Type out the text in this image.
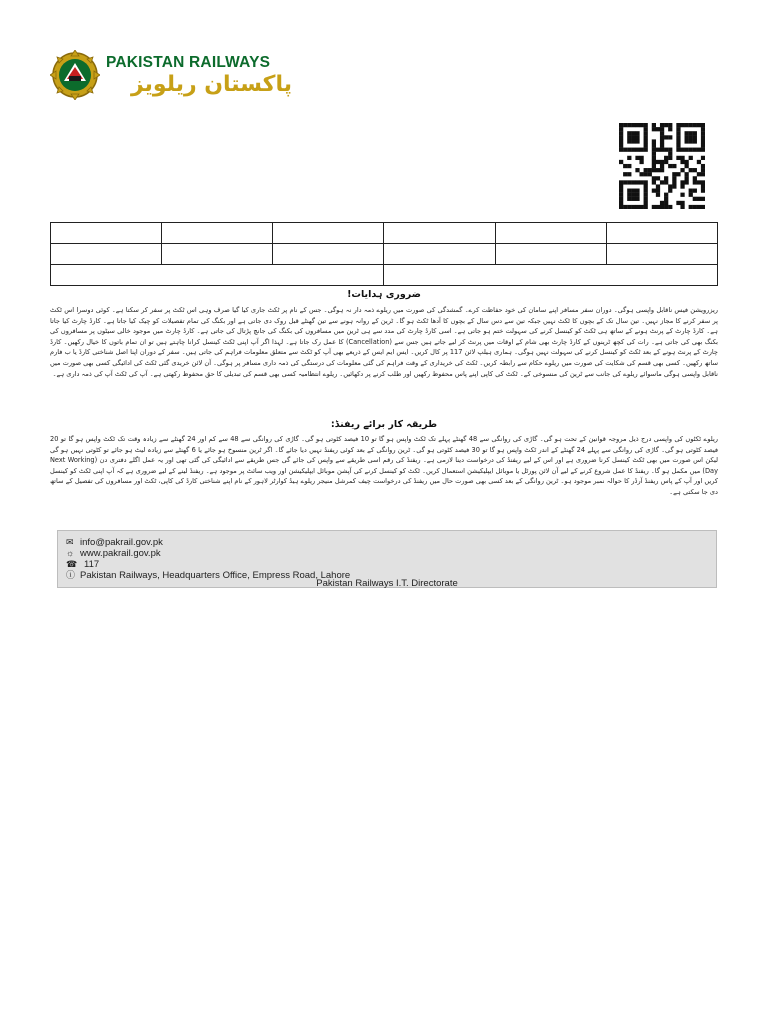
PAKISTAN RAILWAYS
پاکستان ریلویز

ضروری ہدایات!

ریزرویشن فیس ناقابل واپسی ہوگی۔ دوران سفر مسافر اپنے سامان کی خود حفاظت کرے۔ گمشدگی کی صورت میں ریلوے ذمہ دار نہ ہوگی۔ جس کے نام پر ٹکٹ جاری کیا گیا صرف وہی اس ٹکٹ پر سفر کر سکتا ہے۔ کوئی دوسرا اس ٹکٹ پر سفر کرنے کا مجاز نہیں۔ تین سال تک کے بچوں کا ٹکٹ نہیں جبکہ تین سے دس سال کے بچوں کا آدھا ٹکٹ ہو گا۔ ٹرین کے روانہ ہونے سے تین گھنٹے قبل روک دی جاتی ہے اور بکنگ کی تمام تفصیلات کو چیک کیا جاتا ہے۔ کارڈ چارٹ کیا جاتا ہے۔ کارڈ چارٹ کے پرنٹ ہونے کے ساتھ ہی ٹکٹ کو کینسل کرنے کی سہولت ختم ہو جاتی ہے۔ اسی کارڈ چارٹ کی مدد سے ہی ٹرین میں مسافروں کی بکنگ کی جانچ پڑتال کی جاتی ہے۔ کارڈ چارٹ میں موجود خالی سیٹوں پر مسافروں کی بکنگ بھی کی جاتی ہے۔ رات کی کچھ ٹرینوں کے کارڈ چارٹ بھی شام کے اوقات میں پرنٹ کر لیے جاتے ہیں جس سے (Cancellation) کا عمل رک جاتا ہے۔ لہذا اگر آپ اپنی ٹکٹ کینسل کرانا چاہتے ہیں تو ان تمام باتوں کا خیال رکھیں۔ کارڈ چارٹ کے پرنٹ ہونے کے بعد ٹکٹ کو کینسل کرنے کی سہولت نہیں ہوگی۔ ہماری ہیلپ لائن 117 پر کال کریں۔ ایس ایم ایس کے ذریعے بھی آپ کو ٹکٹ سے متعلق معلومات فراہم کی جاتی ہیں۔ سفر کے دوران اپنا اصل شناختی کارڈ یا ب فارم ساتھ رکھیں۔ کسی بھی قسم کی شکایت کی صورت میں ریلوے حکام سے رابطہ کریں۔ ٹکٹ کی خریداری کے وقت فراہم کی گئی معلومات کی درستگی کی ذمہ داری مسافر پر ہوگی۔ آن لائن خریدی گئی ٹکٹ کی ادائیگی کسی بھی صورت میں ناقابل واپسی ہوگی ماسوائے ریلوے کی جانب سے ٹرین کی منسوخی کے۔ ٹکٹ کی کاپی اپنے پاس محفوظ رکھیں اور طلب کرنے پر دکھائیں۔ ریلوے انتظامیہ کسی بھی قسم کی تبدیلی کا حق محفوظ رکھتی ہے۔ آپ کی ٹکٹ آپ کی ذمہ داری ہے۔

طریقہ کار برائے ریفنڈ:

ریلوے ٹکٹوں کی واپسی درج ذیل مروجہ قوانین کے تحت ہو گی۔ گاڑی کی روانگی سے 48 گھنٹے پہلے تک ٹکٹ واپس ہو گا تو 10 فیصد کٹوتی ہو گی۔ گاڑی کی روانگی سے 48 سے کم اور 24 گھنٹے سے زیادہ وقت تک ٹکٹ واپس ہو گا تو 20 فیصد کٹوتی ہو گی۔ گاڑی کی روانگی سے پہلے 24 گھنٹے کے اندر ٹکٹ واپس ہو گا تو 30 فیصد کٹوتی ہو گی۔ ٹرین روانگی کے بعد کوئی ریفنڈ نہیں دیا جائے گا۔ اگر ٹرین منسوخ ہو جائے یا 6 گھنٹے سے زیادہ لیٹ ہو جائے تو کٹوتی نہیں ہو گی لیکن اس صورت میں بھی ٹکٹ کینسل کرنا ضروری ہے اور اس کے لیے ریفنڈ کی درخواست دینا لازمی ہے۔ ریفنڈ کی رقم اسی طریقے سے واپس کی جائے گی جس طریقے سے ادائیگی کی گئی تھی اور یہ عمل اگلے دفتری دن (Next Working Day) میں مکمل ہو گا۔ ریفنڈ کا عمل شروع کرنے کے لیے آن لائن پورٹل یا موبائل ایپلیکیشن استعمال کریں۔ ٹکٹ کو کینسل کرنے کی آپشن موبائل ایپلیکیشن اور ویب سائٹ پر موجود ہے۔ ریفنڈ لینے کے لیے ضروری ہے کہ آپ اپنی ٹکٹ کو کینسل کریں اور آپ کے پاس ریفنڈ آرڈر کا حوالہ نمبر موجود ہو۔ ٹرین روانگی کے بعد کسی بھی صورت حال میں ریفنڈ کی درخواست چیف کمرشل منیجر ریلوے ہیڈ کوارٹر لاہور کے نام اپنے شناختی کارڈ کی کاپی، ٹکٹ اور مسافروں کی تفصیل کے ساتھ دی جا سکتی ہے۔

✉ info@pakrail.gov.pk
☼ www.pakrail.gov.pk
☎ 117
ⓘ Pakistan Railways, Headquarters Office, Empress Road, Lahore
Pakistan Railways I.T. Directorate
